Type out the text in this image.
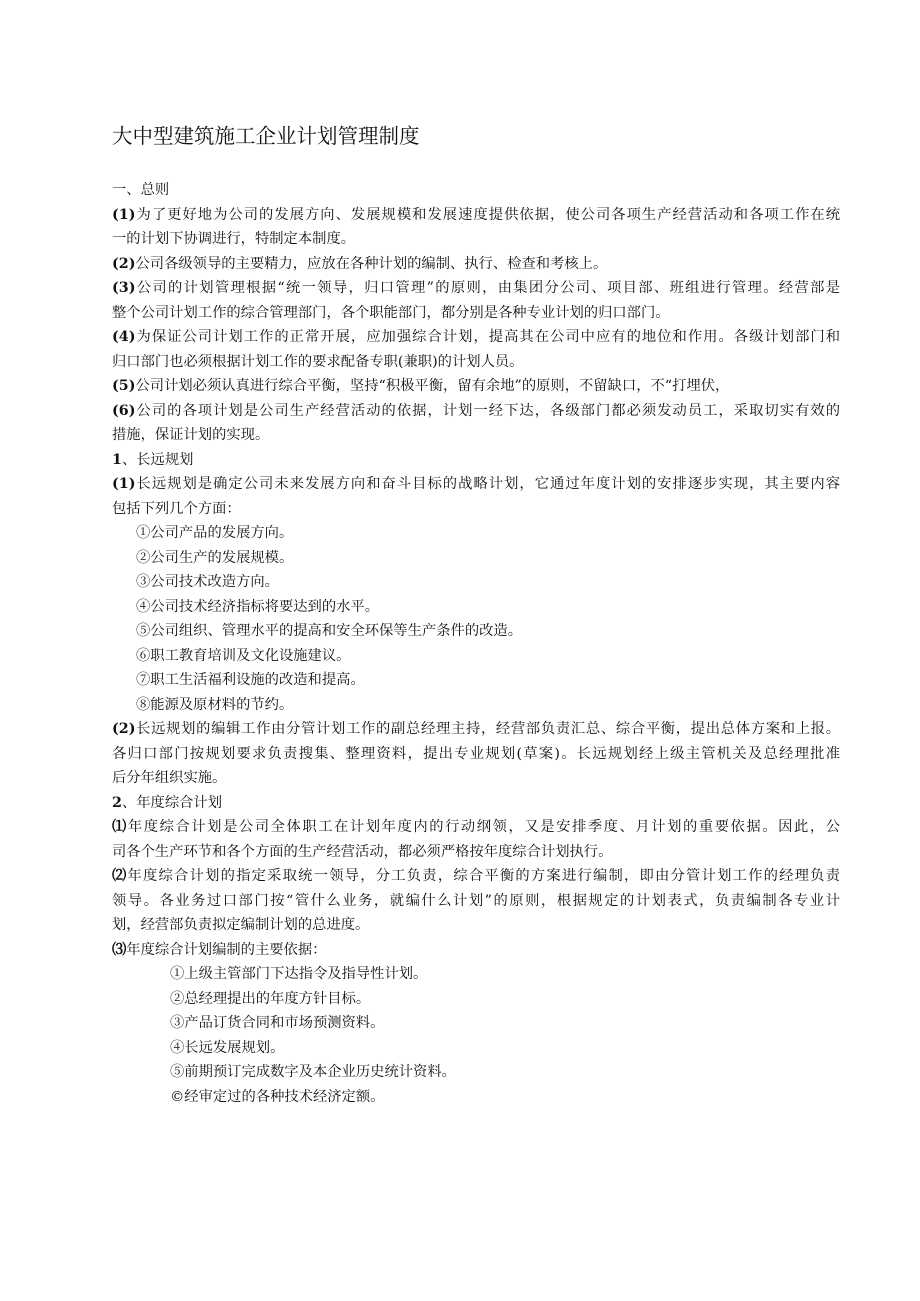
大中型建筑施工企业计划管理制度
一、总则
(1)为了更好地为公司的发展方向、发展规模和发展速度提供依据，使公司各项生产经营活动和各项工作在统
一的计划下协调进行，特制定本制度。
(2)公司各级领导的主要精力，应放在各种计划的编制、执行、检查和考核上。
(3)公司的计划管理根据“统一领导，归口管理”的原则，由集团分公司、项目部、班组进行管理。经营部是
整个公司计划工作的综合管理部门，各个职能部门，都分别是各种专业计划的归口部门。
(4)为保证公司计划工作的正常开展，应加强综合计划，提高其在公司中应有的地位和作用。各级计划部门和
归口部门也必须根据计划工作的要求配备专职(兼职)的计划人员。
(5)公司计划必须认真进行综合平衡，坚持“积极平衡，留有余地”的原则，不留缺口，不“打埋伏，
(6)公司的各项计划是公司生产经营活动的依据，计划一经下达，各级部门都必须发动员工，采取切实有效的
措施，保证计划的实现。
1、长远规划
(1)长远规划是确定公司未来发展方向和奋斗目标的战略计划，它通过年度计划的安排逐步实现，其主要内容
包括下列几个方面：
①公司产品的发展方向。
②公司生产的发展规模。
③公司技术改造方向。
④公司技术经济指标将要达到的水平。
⑤公司组织、管理水平的提高和安全环保等生产条件的改造。
⑥职工教育培训及文化设施建议。
⑦职工生活福利设施的改造和提高。
⑧能源及原材料的节约。
(2)长远规划的编辑工作由分管计划工作的副总经理主持，经营部负责汇总、综合平衡，提出总体方案和上报。
各归口部门按规划要求负责搜集、整理资料，提出专业规划(草案)。长远规划经上级主管机关及总经理批准
后分年组织实施。
2、年度综合计划
⑴年度综合计划是公司全体职工在计划年度内的行动纲领，又是安排季度、月计划的重要依据。因此，公
司各个生产环节和各个方面的生产经营活动，都必须严格按年度综合计划执行。
⑵年度综合计划的指定采取统一领导，分工负责，综合平衡的方案进行编制，即由分管计划工作的经理负责
领导。各业务过口部门按“管什么业务，就编什么计划”的原则，根据规定的计划表式，负责编制各专业计
划，经营部负责拟定编制计划的总进度。
⑶年度综合计划编制的主要依据：
①上级主管部门下达指令及指导性计划。
②总经理提出的年度方针目标。
③产品订货合同和市场预测资料。
④长远发展规划。
⑤前期预订完成数字及本企业历史统计资料。
©经审定过的各种技术经济定额。
